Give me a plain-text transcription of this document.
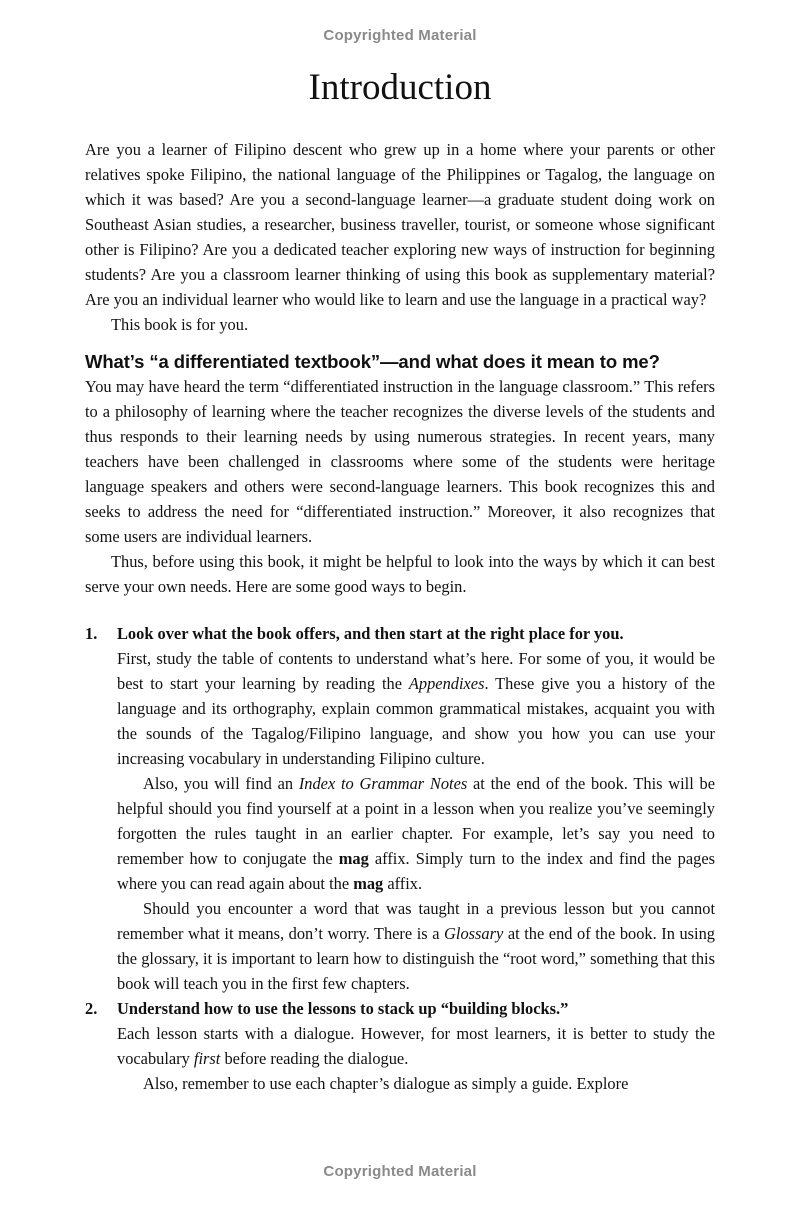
Copyrighted Material
Introduction

Are you a learner of Filipino descent who grew up in a home where your parents or other relatives spoke Filipino, the national language of the Philippines or Tagalog, the language on which it was based? Are you a second-language learner—a graduate student doing work on Southeast Asian studies, a researcher, business traveller, tourist, or someone whose significant other is Filipino? Are you a dedicated teacher exploring new ways of instruction for beginning students? Are you a classroom learner thinking of using this book as supplementary material? Are you an individual learner who would like to learn and use the language in a practical way?

This book is for you.

What’s “a differentiated textbook”—and what does it mean to me?

You may have heard the term “differentiated instruction in the language classroom.” This refers to a philosophy of learning where the teacher recognizes the diverse levels of the students and thus responds to their learning needs by using numerous strategies. In recent years, many teachers have been challenged in classrooms where some of the students were heritage language speakers and others were second-language learners. This book recognizes this and seeks to address the need for “differentiated instruction.” Moreover, it also recognizes that some users are individual learners.

Thus, before using this book, it might be helpful to look into the ways by which it can best serve your own needs. Here are some good ways to begin.

1. Look over what the book offers, and then start at the right place for you.

First, study the table of contents to understand what’s here. For some of you, it would be best to start your learning by reading the Appendixes. These give you a history of the language and its orthography, explain common grammatical mistakes, acquaint you with the sounds of the Tagalog/Filipino language, and show you how you can use your increasing vocabulary in understanding Filipino culture.

Also, you will find an Index to Grammar Notes at the end of the book. This will be helpful should you find yourself at a point in a lesson when you realize you’ve seemingly forgotten the rules taught in an earlier chapter. For example, let’s say you need to remember how to conjugate the mag affix. Simply turn to the index and find the pages where you can read again about the mag affix.

Should you encounter a word that was taught in a previous lesson but you cannot remember what it means, don’t worry. There is a Glossary at the end of the book. In using the glossary, it is important to learn how to distinguish the “root word,” something that this book will teach you in the first few chapters.

2. Understand how to use the lessons to stack up “building blocks.”

Each lesson starts with a dialogue. However, for most learners, it is better to study the vocabulary first before reading the dialogue.

Also, remember to use each chapter’s dialogue as simply a guide. Explore

Copyrighted Material
